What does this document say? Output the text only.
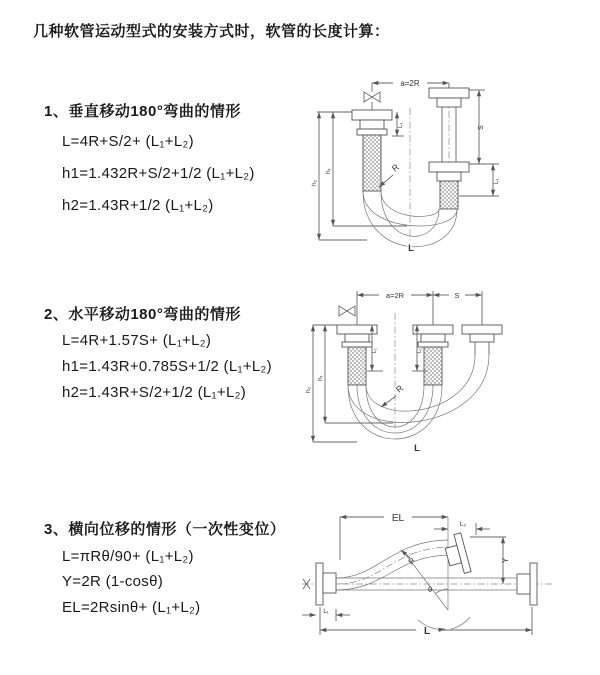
几种软管运动型式的安装方式时，软管的长度计算：
1、垂直移动180°弯曲的情形
L=4R+S/2+ (L₁+L₂)
h1=1.432R+S/2+1/2 (L₁+L₂)
h2=1.43R+1/2 (L₁+L₂)
2、水平移动180°弯曲的情形
L=4R+1.57S+ (L₁+L₂)
h1=1.43R+0.785S+1/2 (L₁+L₂)
h2=1.43R+S/2+1/2 (L₁+L₂)
3、横向位移的情形（一次性变位）
L=πRθ/90+ (L₁+L₂)
Y=2R (1-cosθ)
EL=2Rsinθ+ (L₁+L₂)
a=2R
L₁	S
L₁
h₁
h₂
R
L
a=2R	S
L₁	L₁
h₁
h₂	R
L
θ
EL
L₂
R	Y
L
L₁
